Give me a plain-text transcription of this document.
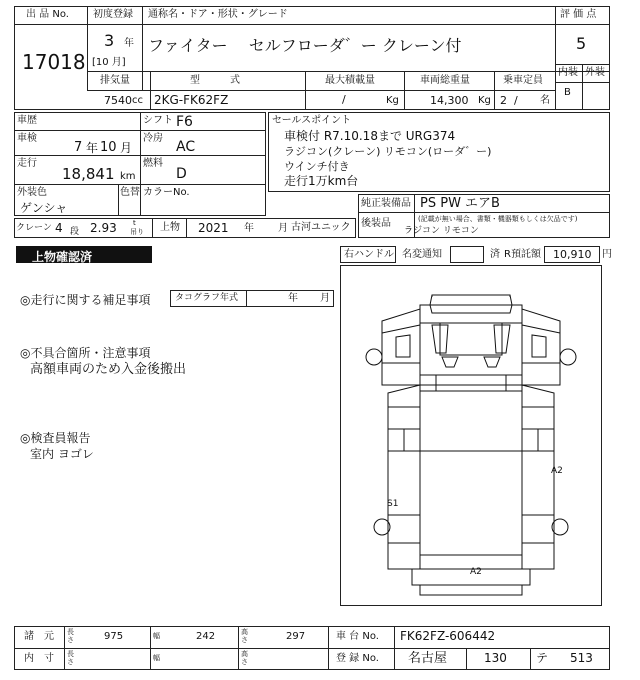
出 品 No.
17018
初度登録
3 年
[10 月]
通称名・ドア・形状・グレード
ファイター　 セルフローダ゛ー クレーン付
評 価 点
5
内装 外装
B
排気量
7540 cc
型　　　式
2KG-FK62FZ
最大積載量
/	Kg
車両総重量
14,300 Kg
乗車定員
2 / 名
車歴	シフト F6
車検
7 年 10 月
冷房
AC
走行
18,841 km
燃料
D
外装色
ゲンシャ
色替 カラーNo.
セールスポイント
車検付 R7.10.18まで URG374
ラジコン(クレーン) リモコン(ローダ゛ー)
ウインチ付き
走行1万km台
純正装備品 PS PW エアB
後装品	(記載が無い場合、書類・機器類もしくは欠品です)
ラジコン リモコン
クレーン 4 段 2.93 t
吊り 上物 2021 年 月 古河ユニック
上物確認済	右ハンドル 名変通知	済 R預託額 10,910 円
◎走行に関する補足事項	タコグラフ年式	年 月
◎不具合箇所・注意事項
高額車両のため入金後搬出
◎検査員報告
室内 ヨゴレ
A2
S1
A2
諸　元 長さ	975	幅	242	高さ	297	車 台 No. FK62FZ-606442
内　寸 長さ	幅	高さ	登 録 No. 名古屋	130 テ 513
